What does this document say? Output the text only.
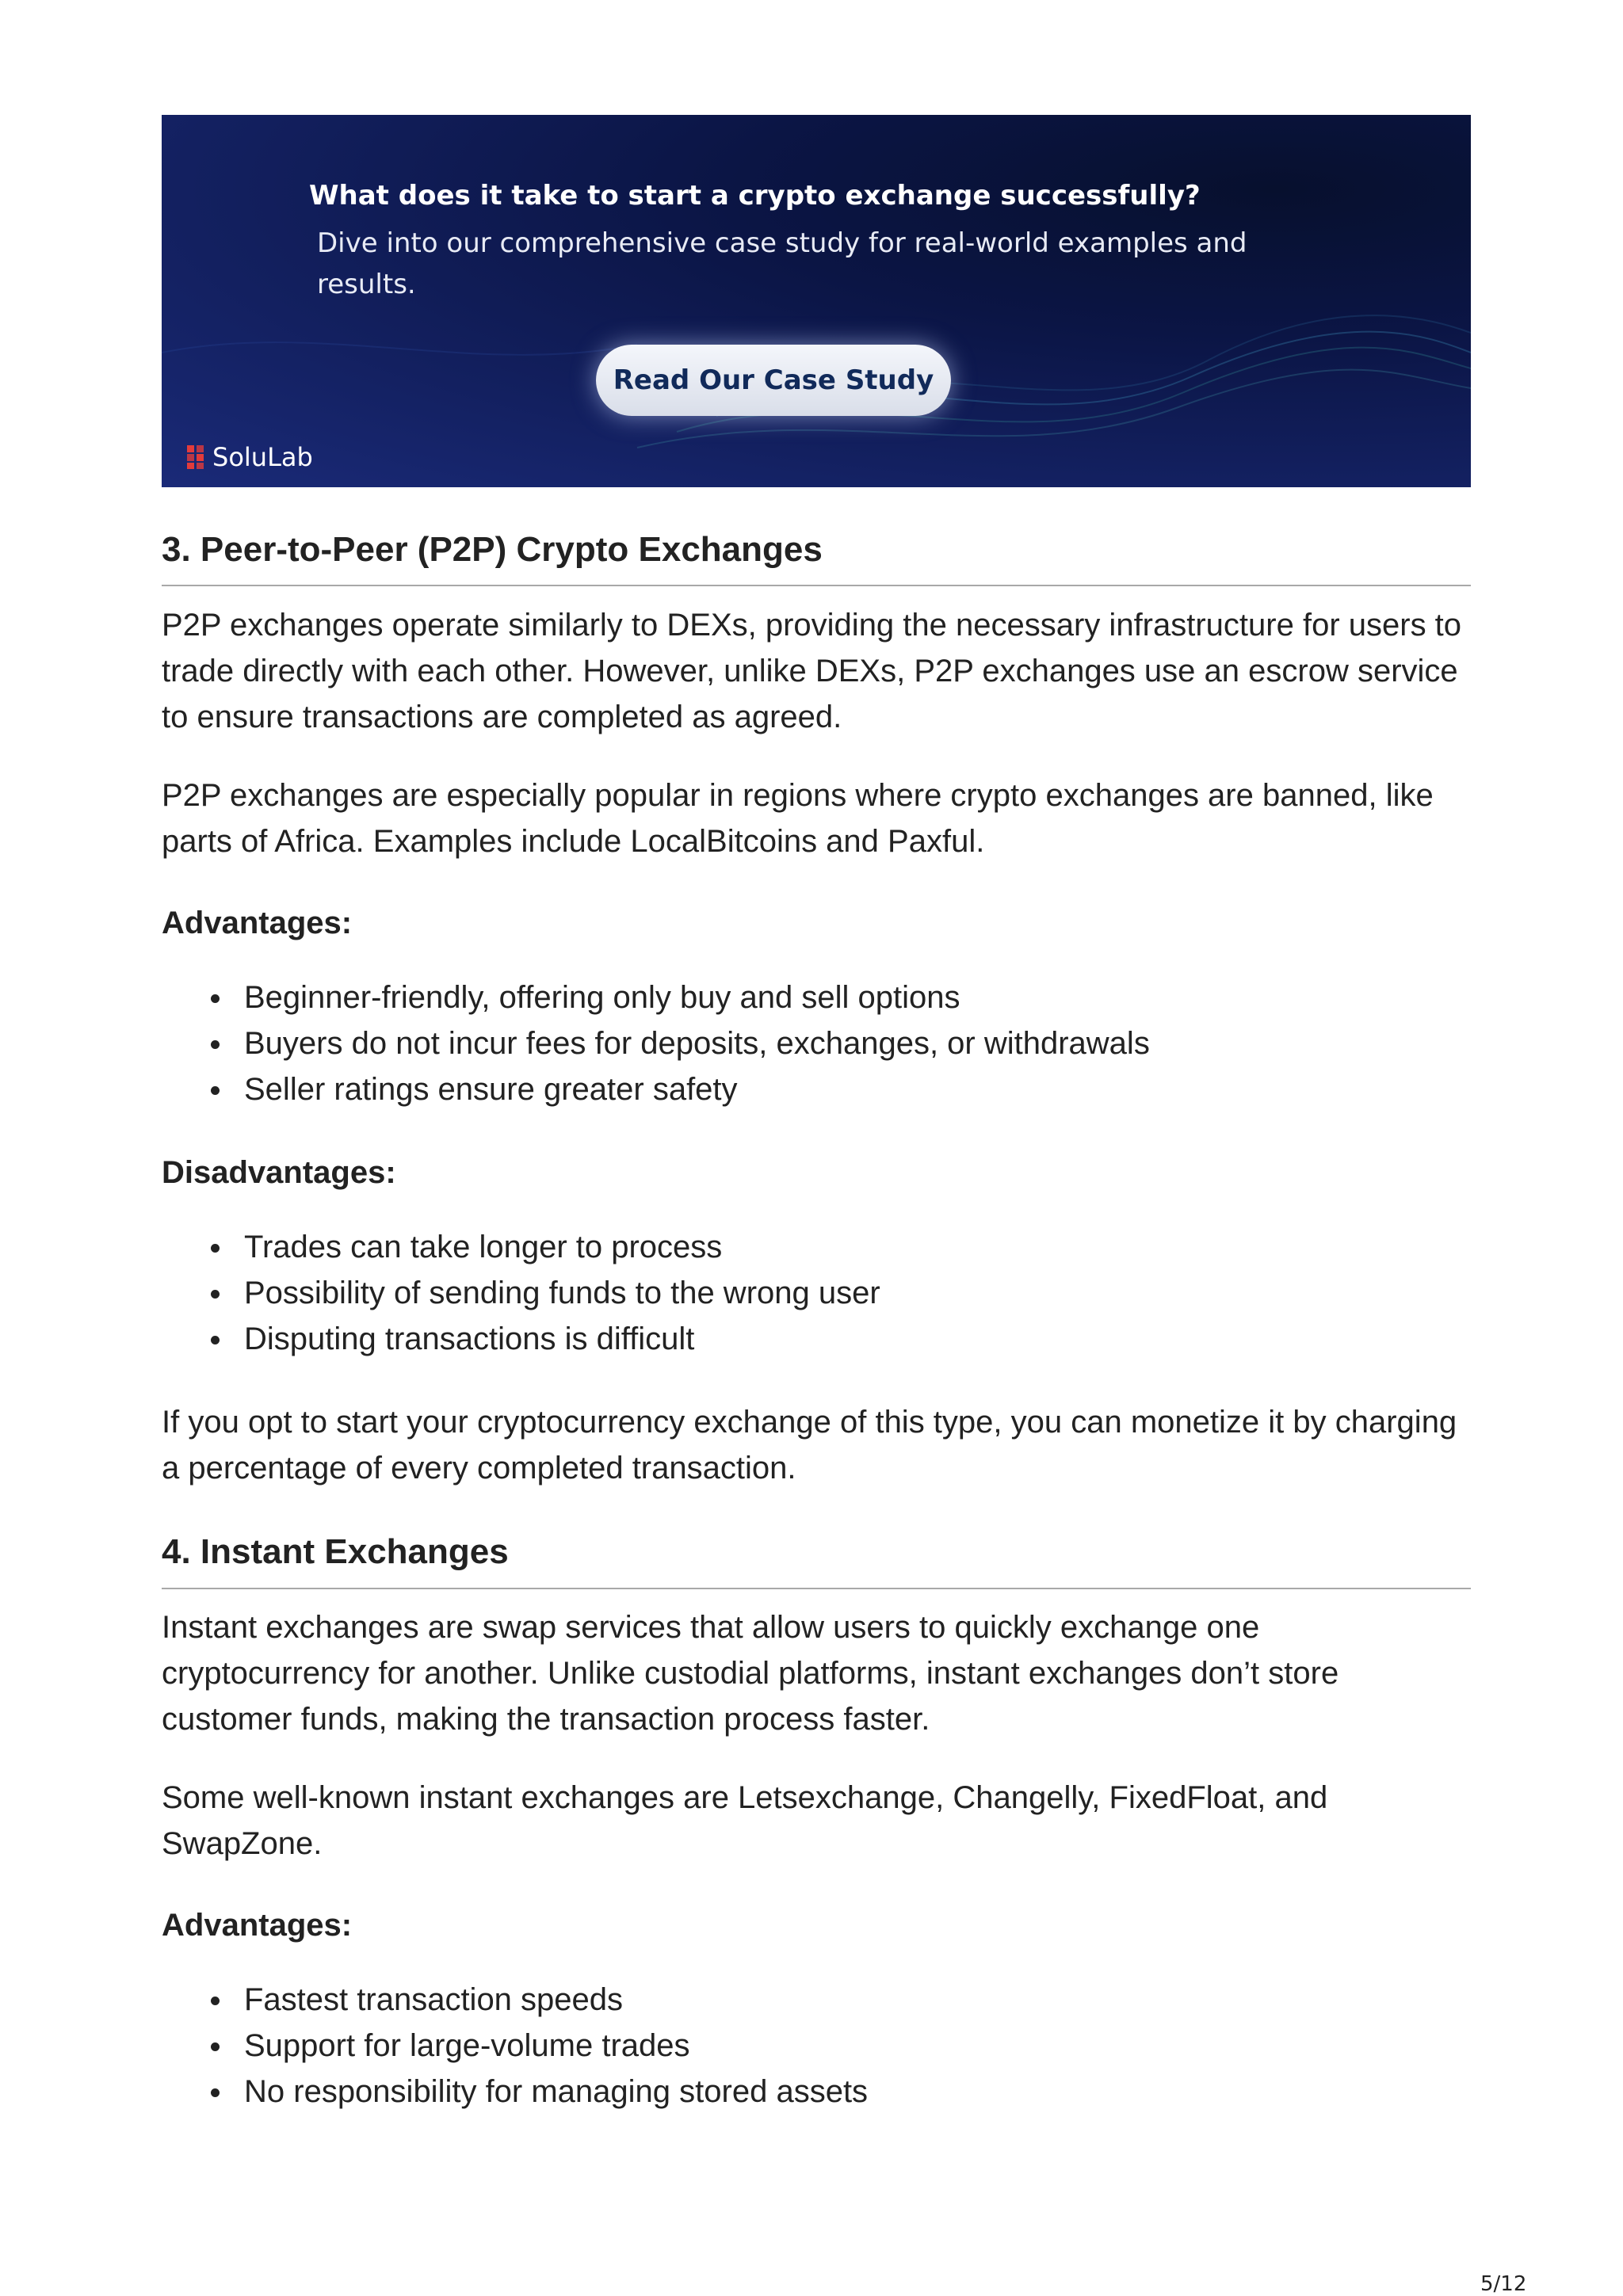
What does it take to start a crypto exchange successfully?

Dive into our comprehensive case study for real-world examples and results.

Read Our Case Study
SoluLab
3. Peer-to-Peer (P2P) Crypto Exchanges

P2P exchanges operate similarly to DEXs, providing the necessary infrastructure for users to trade directly with each other. However, unlike DEXs, P2P exchanges use an escrow service to ensure transactions are completed as agreed.

P2P exchanges are especially popular in regions where crypto exchanges are banned, like parts of Africa. Examples include LocalBitcoins and Paxful.

Advantages:

Beginner-friendly, offering only buy and sell options
Buyers do not incur fees for deposits, exchanges, or withdrawals
Seller ratings ensure greater safety

Disadvantages:

Trades can take longer to process
Possibility of sending funds to the wrong user
Disputing transactions is difficult

If you opt to start your cryptocurrency exchange of this type, you can monetize it by charging a percentage of every completed transaction.

4. Instant Exchanges

Instant exchanges are swap services that allow users to quickly exchange one cryptocurrency for another. Unlike custodial platforms, instant exchanges don’t store customer funds, making the transaction process faster.

Some well-known instant exchanges are Letsexchange, Changelly, FixedFloat, and SwapZone.

Advantages:

Fastest transaction speeds
Support for large-volume trades
No responsibility for managing stored assets

5/12
